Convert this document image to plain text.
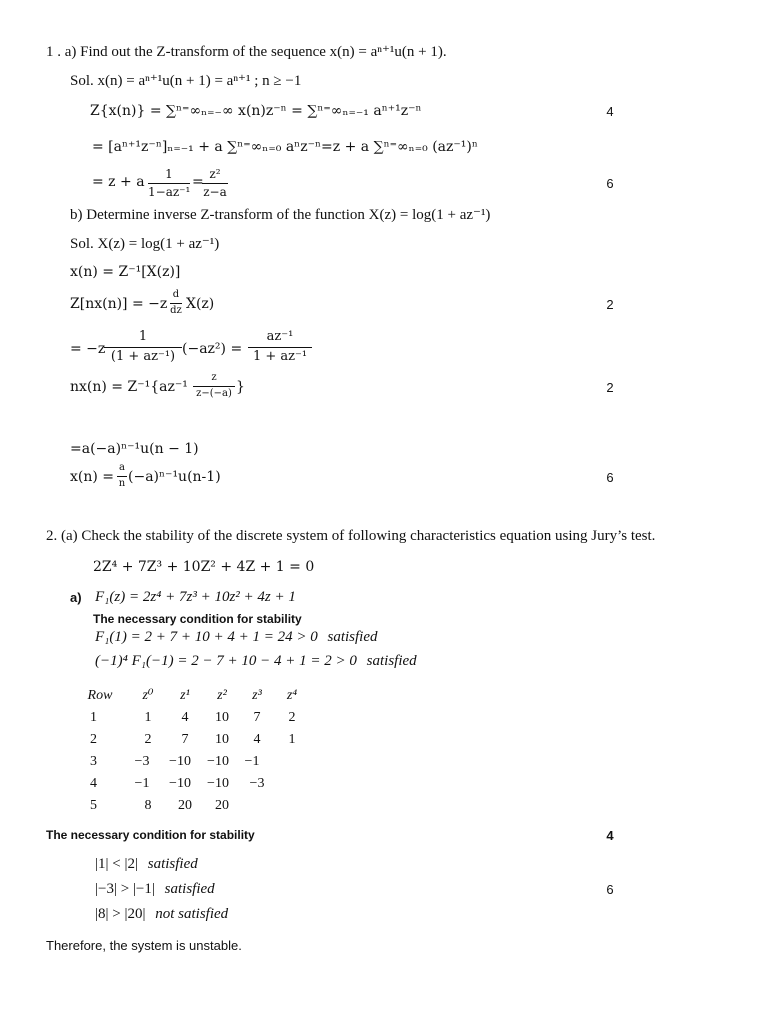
1 . a) Find out the Z-transform of the sequence x(n) = aⁿ⁺¹u(n + 1).
Sol. x(n) = aⁿ⁺¹u(n + 1) = aⁿ⁺¹ ; n ≥ −1
Z{x(n)} = ∑ⁿ⁼∞ₙ₌₋∞ x(n)z⁻ⁿ = ∑ⁿ⁼∞ₙ₌₋₁ aⁿ⁺¹z⁻ⁿ	4
= [aⁿ⁺¹z⁻ⁿ]ₙ₌₋₁ + a ∑ⁿ⁼∞ₙ₌₀ aⁿz⁻ⁿ=z + a ∑ⁿ⁼∞ₙ₌₀ (az⁻¹)ⁿ
= z + a	1
1−az⁻¹
= z²
z−a
6
b) Determine inverse Z-transform of the function X(z) = log(1 + az⁻¹)
Sol. X(z) = log(1 + az⁻¹)
x(n) = Z⁻¹[X(z)]
Z[nx(n)] = −z
d
dz X(z)	2
= −z
1
(1 + az⁻¹) (−az²) =
az⁻¹
1 + az⁻¹
nx(n) = Z⁻¹{az⁻¹
z
z−(−a) }	2
=a(−a)ⁿ⁻¹u(n − 1)
x(n) =
a
n (−a)ⁿ⁻¹u(n-1)	6
2. (a) Check the stability of the discrete system of following characteristics equation using Jury’s test.
2Z⁴ + 7Z³ + 10Z² + 4Z + 1 = 0
a) F₁(z) = 2z⁴ + 7z³ + 10z² + 4z + 1
The necessary condition for stability
F₁(1) = 2 + 7 + 10 + 4 + 1 = 24 > 0 satisfied
(−1)⁴ F₁(−1) = 2 − 7 + 10 − 4 + 1 = 2 > 0 satisfied
Row	z⁰	z¹	z²	z³	z⁴
1	1	4	10	7	2
2	2	7	10	4	1
3	−3	−10	−10	−1
4	−1	−10	−10	−3
5	8	20	20
The necessary condition for stability	4
|1| < |2| satisfied
|−3| > |−1| satisfied	6
|8| > |20| not satisfied
Therefore, the system is unstable.
